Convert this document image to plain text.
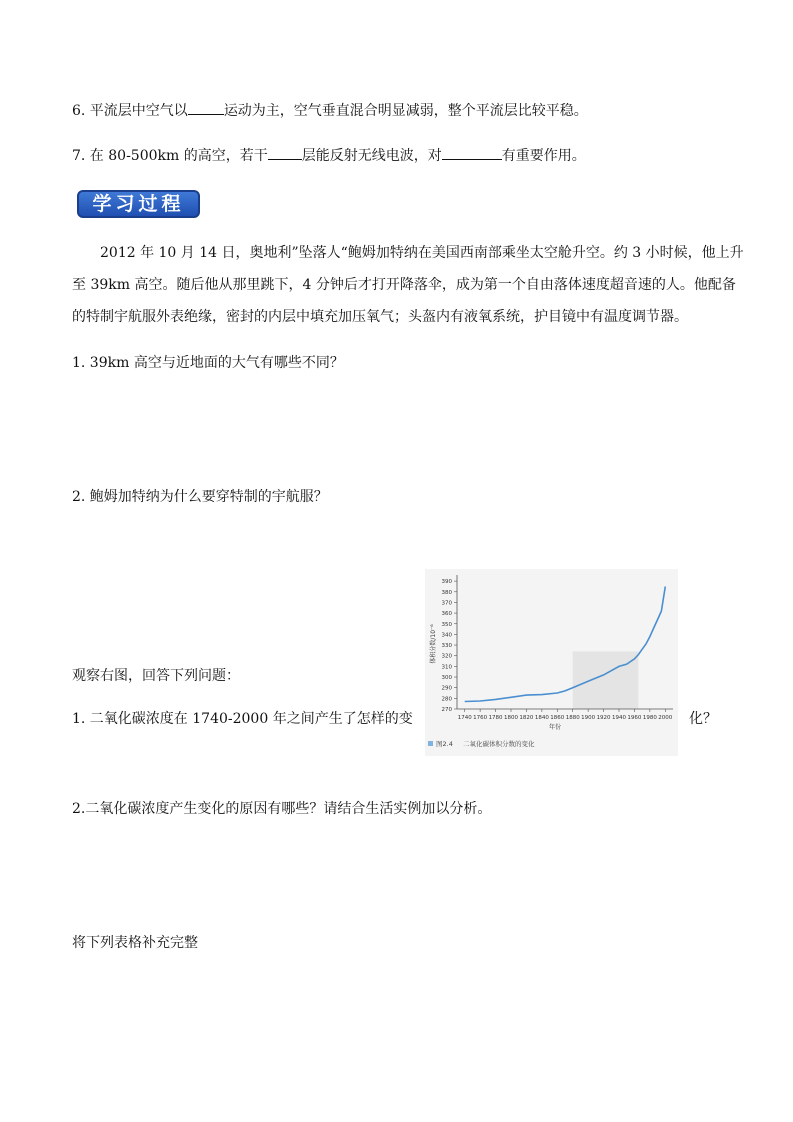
6. 平流层中空气以	运动为主，空气垂直混合明显减弱，整个平流层比较平稳。
7. 在 80-500km 的高空，若干 层能反射无线电波，对	有重要作用。
学习过程
2012 年 10 月 14 日，奥地利”坠落人“鲍姆加特纳在美国西南部乘坐太空舱升空。约 3 小时候，他上升
至 39km 高空。随后他从那里跳下，4 分钟后才打开降落伞，成为第一个自由落体速度超音速的人。他配备
的特制宇航服外表绝缘，密封的内层中填充加压氧气；头盔内有液氧系统，护目镜中有温度调节器。
1. 39km 高空与近地面的大气有哪些不同？
2. 鲍姆加特纳为什么要穿特制的宇航服？
观察右图，回答下列问题：
1. 二氧化碳浓度在 1740-2000 年之间产生了怎样的变	化？
2.二氧化碳浓度产生变化的原因有哪些？请结合生活实例加以分析。
将下列表格补充完整
270
280
290
300
310
320
330
340
350
360
370
380
390
1740 1760 1780 1800 1820 1840 1860 1880 1900 1920 1940 1960 1980 2000
年份
体积分数/10⁻⁶
图2.4 二氧化碳体积分数的变化
